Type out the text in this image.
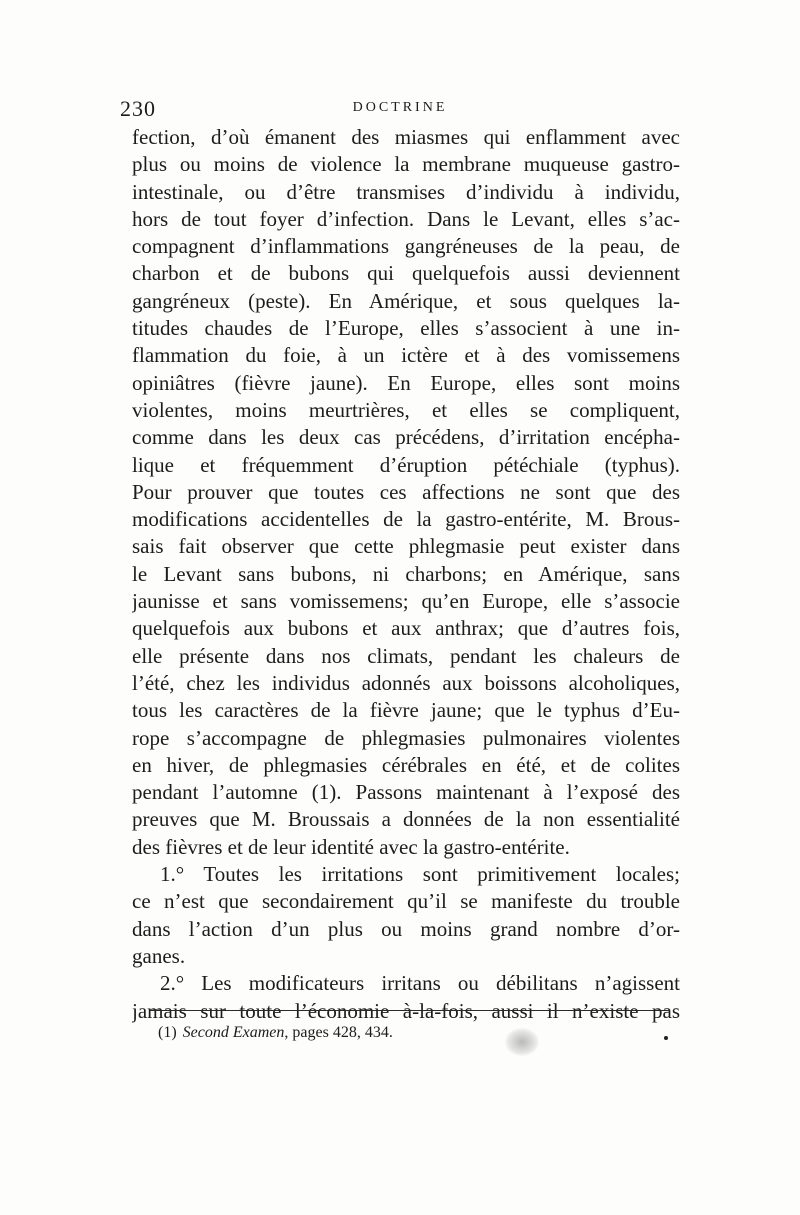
230	DOCTRINE
fection, d’où émanent des miasmes qui enflamment avec
plus ou moins de violence la membrane muqueuse gastro-
intestinale, ou d’être transmises d’individu à individu,
hors de tout foyer d’infection. Dans le Levant, elles s’ac-
compagnent d’inflammations gangréneuses de la peau, de
charbon et de bubons qui quelquefois aussi deviennent
gangréneux (peste). En Amérique, et sous quelques la-
titudes chaudes de l’Europe, elles s’associent à une in-
flammation du foie, à un ictère et à des vomissemens
opiniâtres (fièvre jaune). En Europe, elles sont moins
violentes, moins meurtrières, et elles se compliquent,
comme dans les deux cas précédens, d’irritation encépha-
lique et fréquemment d’éruption pétéchiale (typhus).
Pour prouver que toutes ces affections ne sont que des
modifications accidentelles de la gastro-entérite, M. Brous-
sais fait observer que cette phlegmasie peut exister dans
le Levant sans bubons, ni charbons; en Amérique, sans
jaunisse et sans vomissemens; qu’en Europe, elle s’associe
quelquefois aux bubons et aux anthrax; que d’autres fois,
elle présente dans nos climats, pendant les chaleurs de
l’été, chez les individus adonnés aux boissons alcoholiques,
tous les caractères de la fièvre jaune; que le typhus d’Eu-
rope s’accompagne de phlegmasies pulmonaires violentes
en hiver, de phlegmasies cérébrales en été, et de colites
pendant l’automne (1). Passons maintenant à l’exposé des
preuves que M. Broussais a données de la non essentialité
des fièvres et de leur identité avec la gastro-entérite.
1.° Toutes les irritations sont primitivement locales;
ce n’est que secondairement qu’il se manifeste du trouble
dans l’action d’un plus ou moins grand nombre d’or-
ganes.
2.° Les modificateurs irritans ou débilitans n’agissent
jamais sur toute l’économie à-la-fois, aussi il n’existe pas
(1) Second Examen, pages 428, 434.
